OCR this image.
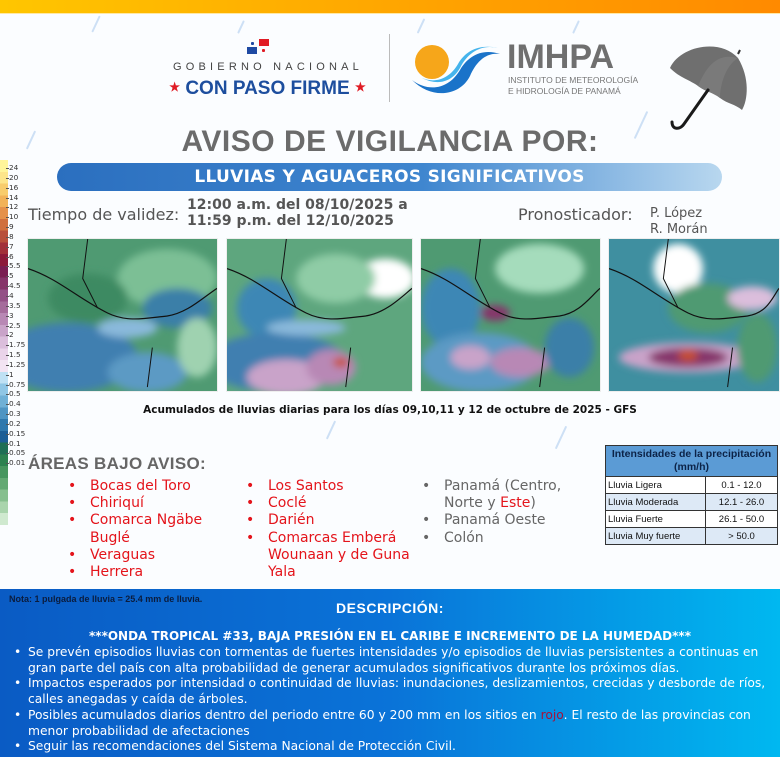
GOBIERNO NACIONAL
★ CON PASO FIRME ★
IMHPA
INSTITUTO DE METEOROLOGÍA
E HIDROLOGÍA DE PANAMÁ
AVISO DE VIGILANCIA POR:
LLUVIAS Y AGUACEROS SIGNIFICATIVOS
Tiempo de validez: 12:00 a.m. del 08/10/2025 a
11:59 p.m. del 12/10/2025	Pronosticador: P. López
R. Morán
24
20
16
14
12
10
9
8
7
6
5.5
5
4.5
4
3.5
3
2.5
2
1.75
1.5
1.25
1
0.75
0.5
0.4
0.3
0.2
0.15
0.1
0.05
0.01
Acumulados de lluvias diarias para los días 09,10,11 y 12 de octubre de 2025 - GFS
ÁREAS BAJO AVISO:
• Bocas del Toro
• Chiriquí
• Comarca Ngäbe Buglé
• Veraguas
• Herrera
• Los Santos
• Coclé
• Darién
• Comarcas Emberá Wounaan y de Guna Yala
• Panamá (Centro, Norte y Este)
• Panamá Oeste
• Colón
Intensidades de la precipitación (mm/h)	
Lluvia Ligera	0.1 - 12.0
Lluvia Moderada	12.1 - 26.0
Lluvia Fuerte	26.1 - 50.0
Lluvia Muy fuerte	> 50.0
Nota: 1 pulgada de lluvia = 25.4 mm de lluvia.
DESCRIPCIÓN:
***ONDA TROPICAL #33, BAJA PRESIÓN EN EL CARIBE E INCREMENTO DE LA HUMEDAD***
• Se prevén episodios lluvias con tormentas de fuertes intensidades y/o episodios de lluvias persistentes a continuas en gran parte del país con alta probabilidad de generar acumulados significativos durante los próximos días.
• Impactos esperados por intensidad o continuidad de lluvias: inundaciones, deslizamientos, crecidas y desborde de ríos, calles anegadas y caída de árboles.
• Posibles acumulados diarios dentro del periodo entre 60 y 200 mm en los sitios en rojo. El resto de las provincias con menor probabilidad de afectaciones
• Seguir las recomendaciones del Sistema Nacional de Protección Civil.
